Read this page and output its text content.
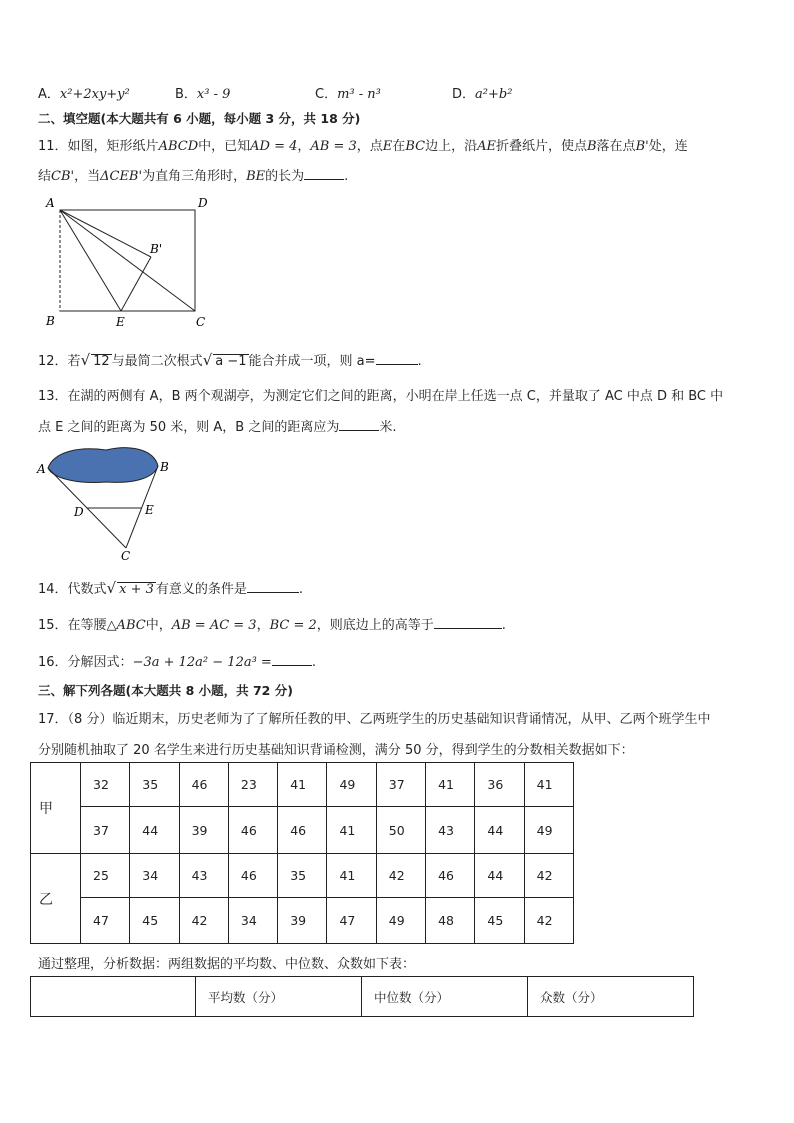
A．x²+2xy+y²	B．x³ - 9	C．m³ - n³	D．a²+b²
二、填空题(本大题共有 6 小题，每小题 3 分，共 18 分)
11．如图，矩形纸片ABCD中，已知AD = 4，AB = 3，点E在BC边上，沿AE折叠纸片，使点B落在点B'处，连
结CB'，当ΔCEB'为直角三角形时，BE的长为	.
A	D
B'
B	E	C
12．若√ 12 与最简二次根式√ a −1 能合并成一项，则 a=	.
13．在湖的两侧有 A，B 两个观湖亭，为测定它们之间的距离，小明在岸上任选一点 C，并量取了 AC 中点 D 和 BC 中
点 E 之间的距离为 50 米，则 A，B 之间的距离应为	米.
A	B
D	E
C
14．代数式√ x + 3 有意义的条件是	.
15．在等腰△ABC中，AB = AC = 3，BC = 2，则底边上的高等于	.
16．分解因式：−3a + 12a² − 12a³ =	.
三、解下列各题(本大题共 8 小题，共 72 分)
17．（8 分）临近期末，历史老师为了了解所任教的甲、乙两班学生的历史基础知识背诵情况，从甲、乙两个班学生中
分别随机抽取了 20 名学生来进行历史基础知识背诵检测，满分 50 分，得到学生的分数相关数据如下：
甲	32	35	46	23	41	49	37	41	36	41
	37	44	39	46	46	41	50	43	44	49
乙	25	34	43	46	35	41	42	46	44	42
	47	45	42	34	39	47	49	48	45	42
通过整理，分析数据：两组数据的平均数、中位数、众数如下表：
	平均数（分）	中位数（分）	众数（分）
